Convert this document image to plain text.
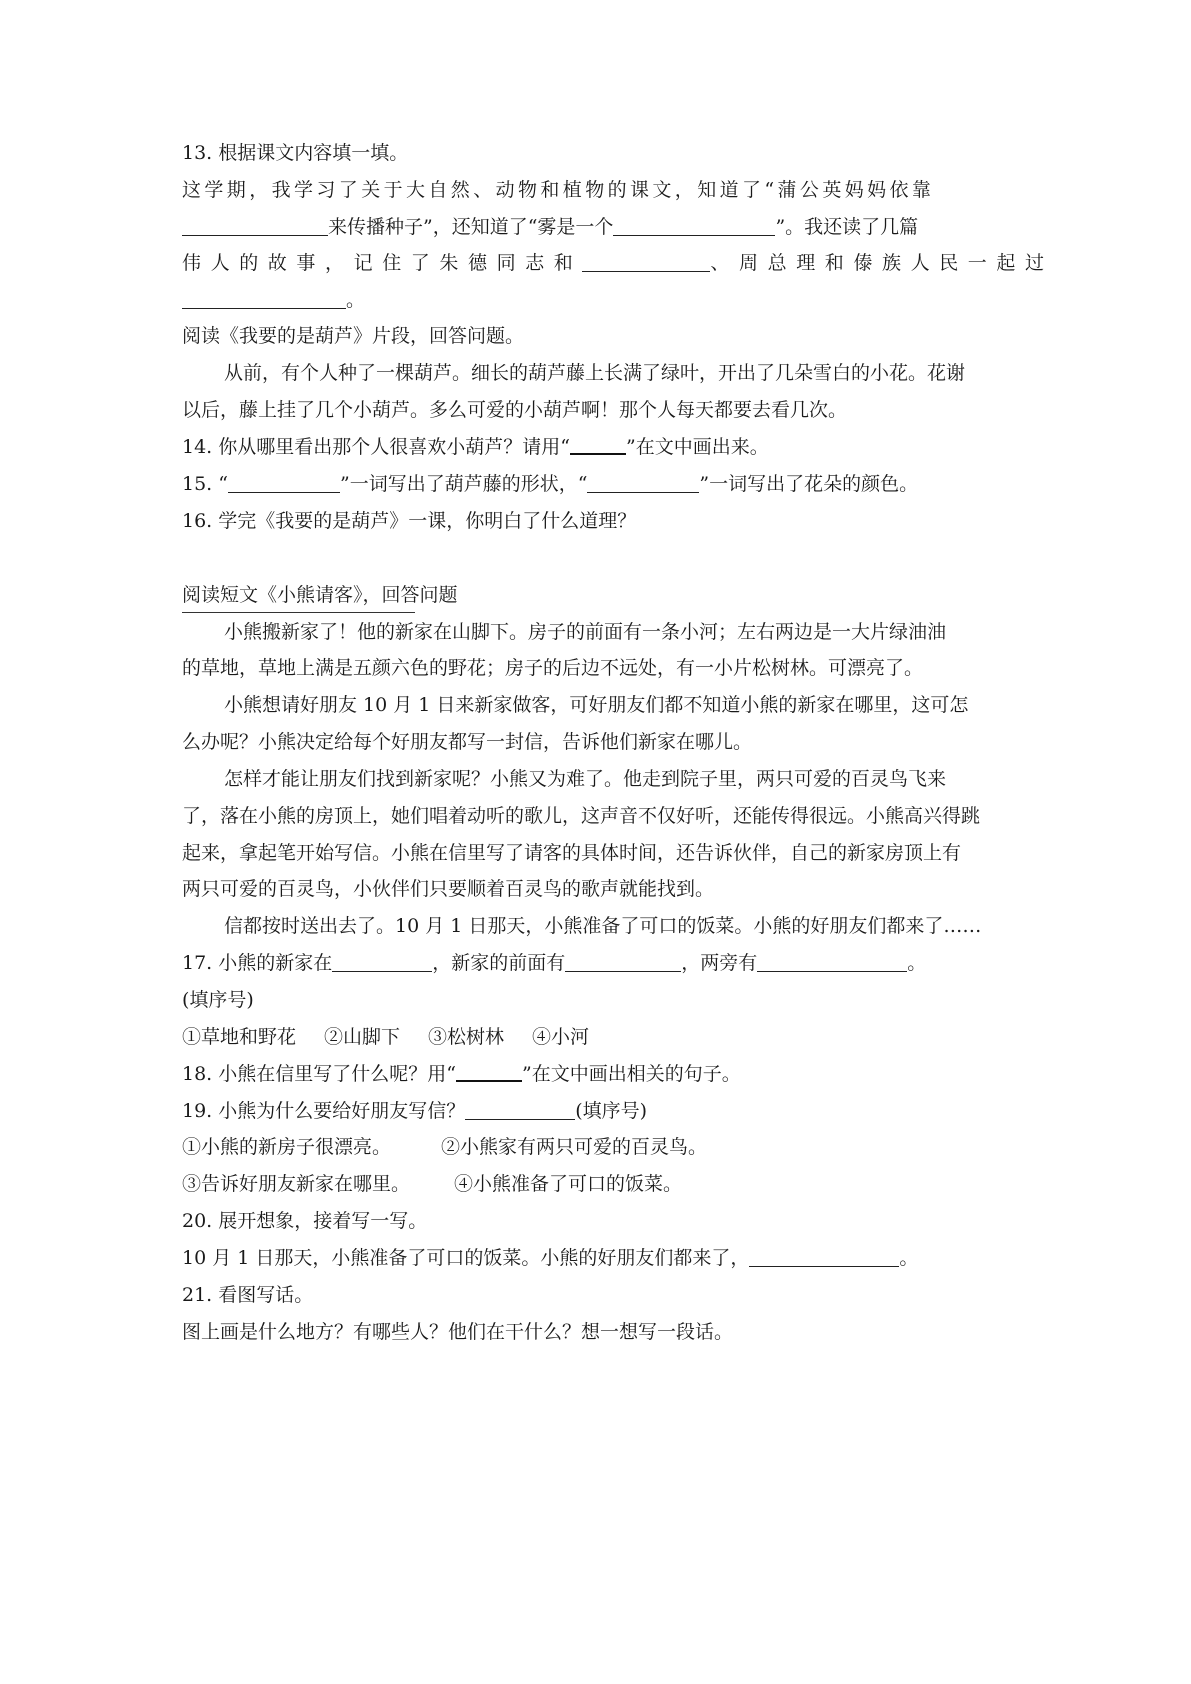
13. 根据课文内容填一填。
这学期，我学习了关于大自然、动物和植物的课文，知道了“蒲公英妈妈依靠
来传播种子”，还知道了“雾是一个	”。我还读了几篇
伟人的故事，记住了朱德同志和	、周总理和傣族人民一起过
。
阅读《我要的是葫芦》片段，回答问题。
从前，有个人种了一棵葫芦。细长的葫芦藤上长满了绿叶，开出了几朵雪白的小花。花谢
以后，藤上挂了几个小葫芦。多么可爱的小葫芦啊！那个人每天都要去看几次。
14. 你从哪里看出那个人很喜欢小葫芦？请用“	”在文中画出来。
15. “	”一词写出了葫芦藤的形状，“	”一词写出了花朵的颜色。
16. 学完《我要的是葫芦》一课，你明白了什么道理？
阅读短文《小熊请客》，回答问题
小熊搬新家了！他的新家在山脚下。房子的前面有一条小河；左右两边是一大片绿油油
的草地，草地上满是五颜六色的野花；房子的后边不远处，有一小片松树林。可漂亮了。
小熊想请好朋友 10 月 1 日来新家做客，可好朋友们都不知道小熊的新家在哪里，这可怎
么办呢？小熊决定给每个好朋友都写一封信，告诉他们新家在哪儿。
怎样才能让朋友们找到新家呢？小熊又为难了。他走到院子里，两只可爱的百灵鸟飞来
了，落在小熊的房顶上，她们唱着动听的歌儿，这声音不仅好听，还能传得很远。小熊高兴得跳
起来，拿起笔开始写信。小熊在信里写了请客的具体时间，还告诉伙伴，自己的新家房顶上有
两只可爱的百灵鸟，小伙伴们只要顺着百灵鸟的歌声就能找到。
信都按时送出去了。10 月 1 日那天，小熊准备了可口的饭菜。小熊的好朋友们都来了……
17. 小熊的新家在	，新家的前面有	，两旁有	。
(填序号)
①草地和野花 ②山脚下 ③松树林 ④小河
18. 小熊在信里写了什么呢？用“	”在文中画出相关的句子。
19. 小熊为什么要给好朋友写信？	(填序号)
①小熊的新房子很漂亮。	②小熊家有两只可爱的百灵鸟。
③告诉好朋友新家在哪里。 ④小熊准备了可口的饭菜。
20. 展开想象，接着写一写。
10 月 1 日那天，小熊准备了可口的饭菜。小熊的好朋友们都来了，	。
21. 看图写话。
图上画是什么地方？有哪些人？他们在干什么？想一想写一段话。
